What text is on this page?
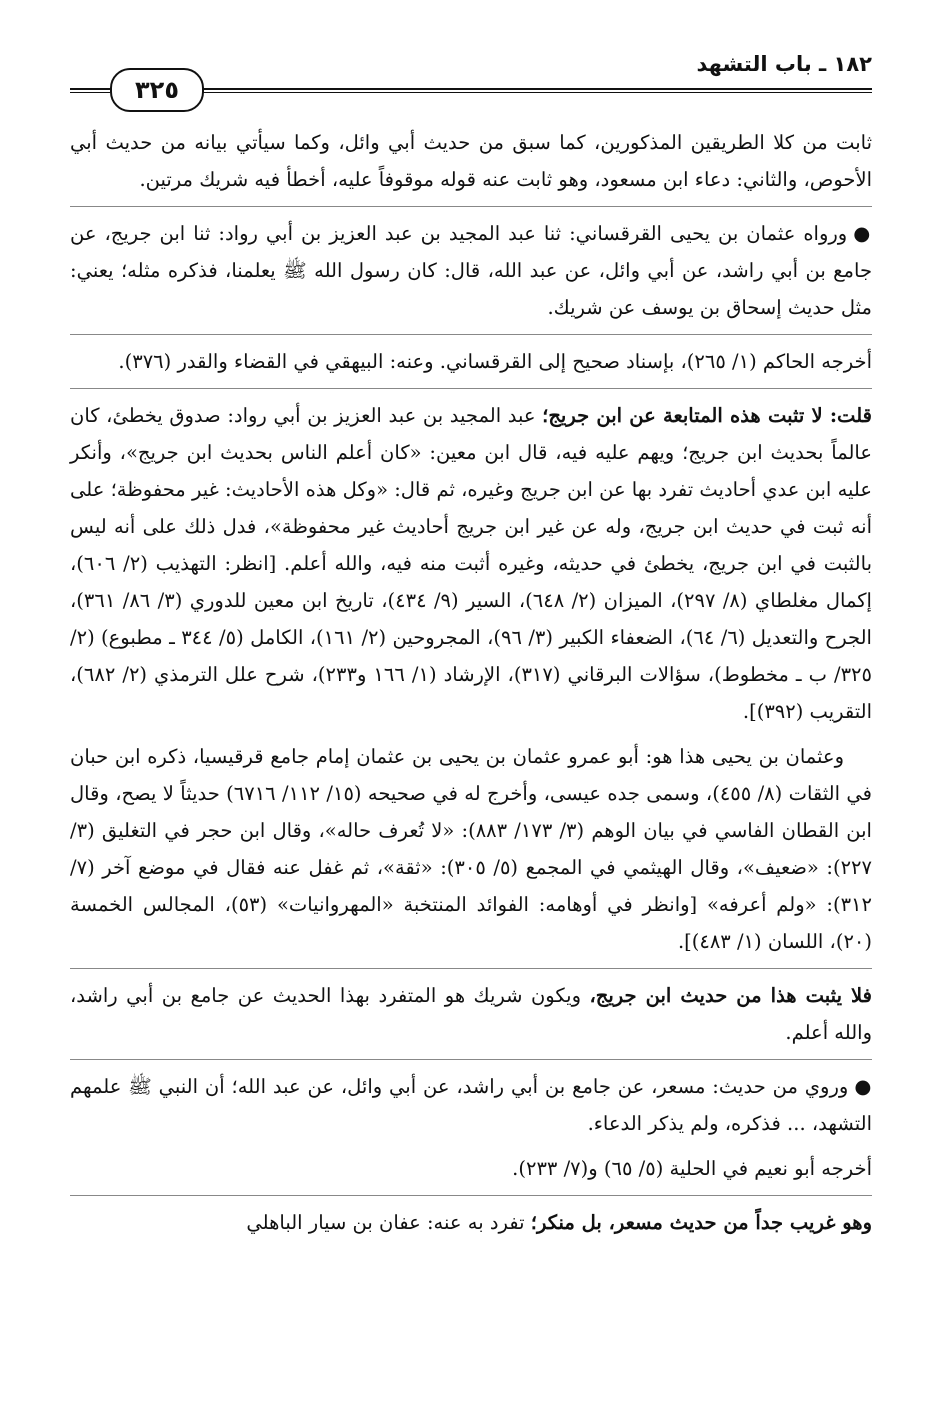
١٨٢ ـ باب التشهد
٣٢٥

ثابت من كلا الطريقين المذكورين، كما سبق من حديث أبي وائل، وكما سيأتي بيانه من حديث أبي الأحوص، والثاني: دعاء ابن مسعود، وهو ثابت عنه قوله موقوفاً عليه، أخطأ فيه شريك مرتين.

●ورواه عثمان بن يحيى القرقساني: ثنا عبد المجيد بن عبد العزيز بن أبي رواد: ثنا ابن جريج، عن جامع بن أبي راشد، عن أبي وائل، عن عبد الله، قال: كان رسول الله ﷺ يعلمنا، فذكره مثله؛ يعني: مثل حديث إسحاق بن يوسف عن شريك.

أخرجه الحاكم (١/ ٢٦٥)، بإسناد صحيح إلى القرقساني. وعنه: البيهقي في القضاء والقدر (٣٧٦).

قلت: لا تثبت هذه المتابعة عن ابن جريج؛ عبد المجيد بن عبد العزيز بن أبي رواد: صدوق يخطئ، كان عالماً بحديث ابن جريج؛ ويهم عليه فيه، قال ابن معين: «كان أعلم الناس بحديث ابن جريج»، وأنكر عليه ابن عدي أحاديث تفرد بها عن ابن جريج وغيره، ثم قال: «وكل هذه الأحاديث: غير محفوظة؛ على أنه ثبت في حديث ابن جريج، وله عن غير ابن جريج أحاديث غير محفوظة»، فدل ذلك على أنه ليس بالثبت في ابن جريج، يخطئ في حديثه، وغيره أثبت منه فيه، والله أعلم. [انظر: التهذيب (٢/ ٦٠٦)، إكمال مغلطاي (٨/ ٢٩٧)، الميزان (٢/ ٦٤٨)، السير (٩/ ٤٣٤)، تاريخ ابن معين للدوري (٣/ ٨٦/ ٣٦١)، الجرح والتعديل (٦/ ٦٤)، الضعفاء الكبير (٣/ ٩٦)، المجروحين (٢/ ١٦١)، الكامل (٥/ ٣٤٤ ـ مطبوع) (٢/ ٣٢٥/ ب ـ مخطوط)، سؤالات البرقاني (٣١٧)، الإرشاد (١/ ١٦٦ و٢٣٣)، شرح علل الترمذي (٢/ ٦٨٢)، التقريب (٣٩٢)].

وعثمان بن يحيى هذا هو: أبو عمرو عثمان بن يحيى بن عثمان إمام جامع قرقيسيا، ذكره ابن حبان في الثقات (٨/ ٤٥٥)، وسمى جده عيسى، وأخرج له في صحيحه (١٥/ ١١٢/ ٦٧١٦) حديثاً لا يصح، وقال ابن القطان الفاسي في بيان الوهم (٣/ ١٧٣/ ٨٨٣): «لا تُعرف حاله»، وقال ابن حجر في التغليق (٣/ ٢٢٧): «ضعيف»، وقال الهيثمي في المجمع (٥/ ٣٠٥): «ثقة»، ثم غفل عنه فقال في موضع آخر (٧/ ٣١٢): «ولم أعرفه» [وانظر في أوهامه: الفوائد المنتخبة «المهروانيات» (٥٣)، المجالس الخمسة (٢٠)، اللسان (١/ ٤٨٣)].

فلا يثبت هذا من حديث ابن جريج، ويكون شريك هو المتفرد بهذا الحديث عن جامع بن أبي راشد، والله أعلم.

●وروي من حديث: مسعر، عن جامع بن أبي راشد، عن أبي وائل، عن عبد الله؛ أن النبي ﷺ علمهم التشهد، ... فذكره، ولم يذكر الدعاء.

أخرجه أبو نعيم في الحلية (٥/ ٦٥) و(٧/ ٢٣٣).

وهو غريب جداً من حديث مسعر، بل منكر؛ تفرد به عنه: عفان بن سيار الباهلي
